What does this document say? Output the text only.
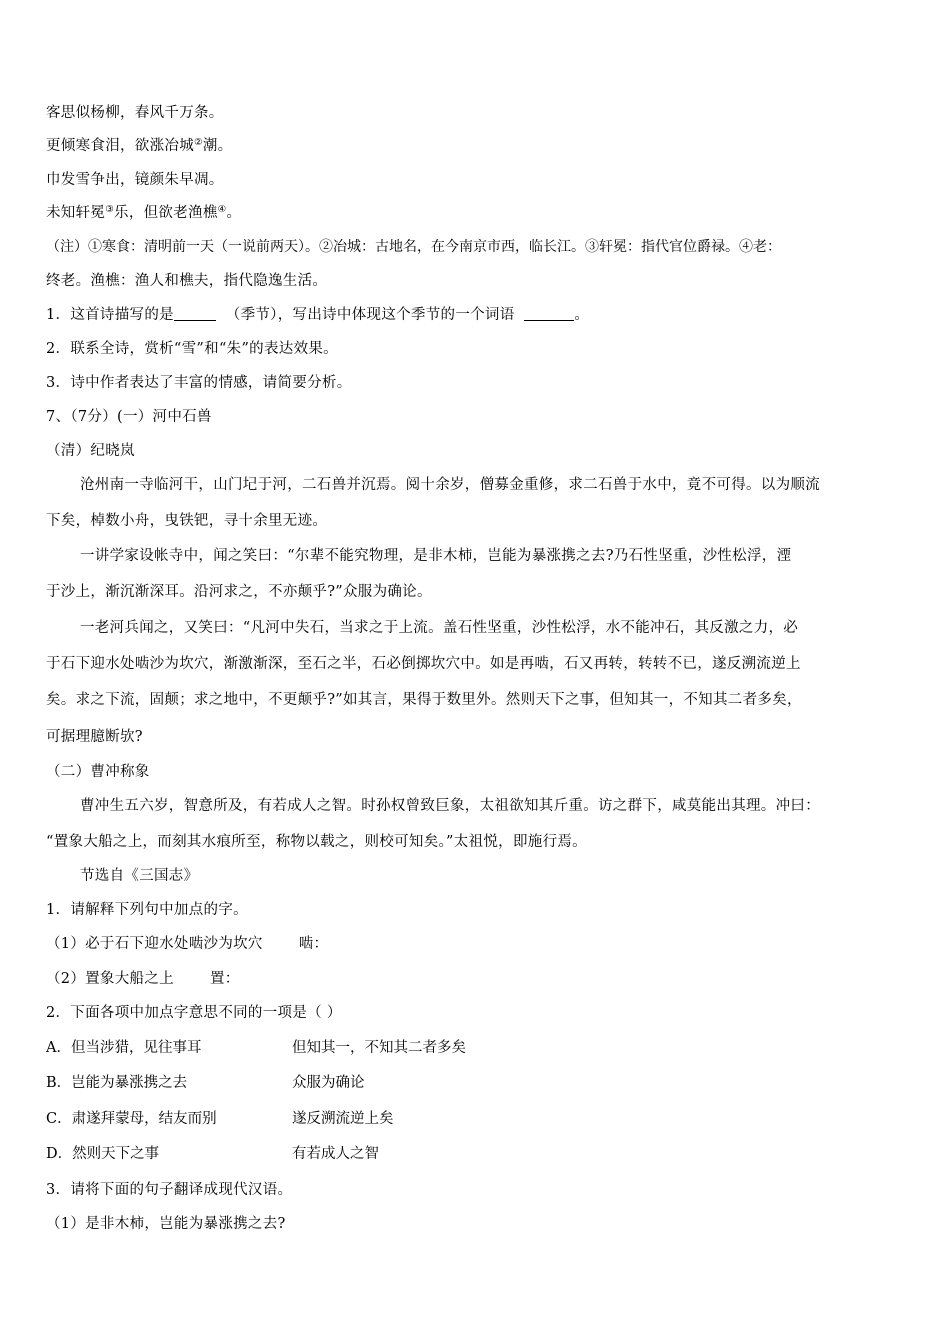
客思似杨柳，春风千万条。
更倾寒食泪，欲涨冶城②潮。
巾发雪争出，镜颜朱早凋。
未知轩冕③乐，但欲老渔樵④。
（注）①寒食：清明前一天（一说前两天）。②冶城：古地名，在今南京市西，临长江。③轩冕：指代官位爵禄。④老：
终老。渔樵：渔人和樵夫，指代隐逸生活。
1．这首诗描写的是	（季节），写出诗中体现这个季节的一个词语	。
2．联系全诗，赏析“雪”和“朱”的表达效果。
3．诗中作者表达了丰富的情感，请简要分析。
7、（7分）(一）河中石兽
（清）纪晓岚
沧州南一寺临河干，山门圮于河，二石兽并沉焉。阅十余岁，僧募金重修，求二石兽于水中，竟不可得。以为顺流
下矣，棹数小舟，曳铁钯，寻十余里无迹。
一讲学家设帐寺中，闻之笑曰：“尔辈不能究物理，是非木柿，岂能为暴涨携之去?乃石性坚重，沙性松浮，湮
于沙上，渐沉渐深耳。沿河求之，不亦颠乎?”众服为确论。
一老河兵闻之，又笑曰：“凡河中失石，当求之于上流。盖石性坚重，沙性松浮，水不能冲石，其反激之力，必
于石下迎水处啮沙为坎穴，渐激渐深，至石之半，石必倒掷坎穴中。如是再啮，石又再转，转转不已，遂反溯流逆上
矣。求之下流，固颠；求之地中，不更颠乎?”如其言，果得于数里外。然则天下之事，但知其一，不知其二者多矣，
可据理臆断欤?
（二）曹冲称象
曹冲生五六岁，智意所及，有若成人之智。时孙权曾致巨象，太祖欲知其斤重。访之群下，咸莫能出其理。冲曰：
“置象大船之上，而刻其水痕所至，称物以载之，则校可知矣。”太祖悦，即施行焉。
节选自《三国志》
1．请解释下列句中加点的字。
（1）必于石下迎水处啮沙为坎穴 啮：
（2）置象大船之上 置：
2．下面各项中加点字意思不同的一项是（ ）
A．但当涉猎，见往事耳	但知其一，不知其二者多矣
B．岂能为暴涨携之去	众服为确论
C．肃遂拜蒙母，结友而别	遂反溯流逆上矣
D．然则天下之事	有若成人之智
3．请将下面的句子翻译成现代汉语。
（1）是非木柿，岂能为暴涨携之去?
